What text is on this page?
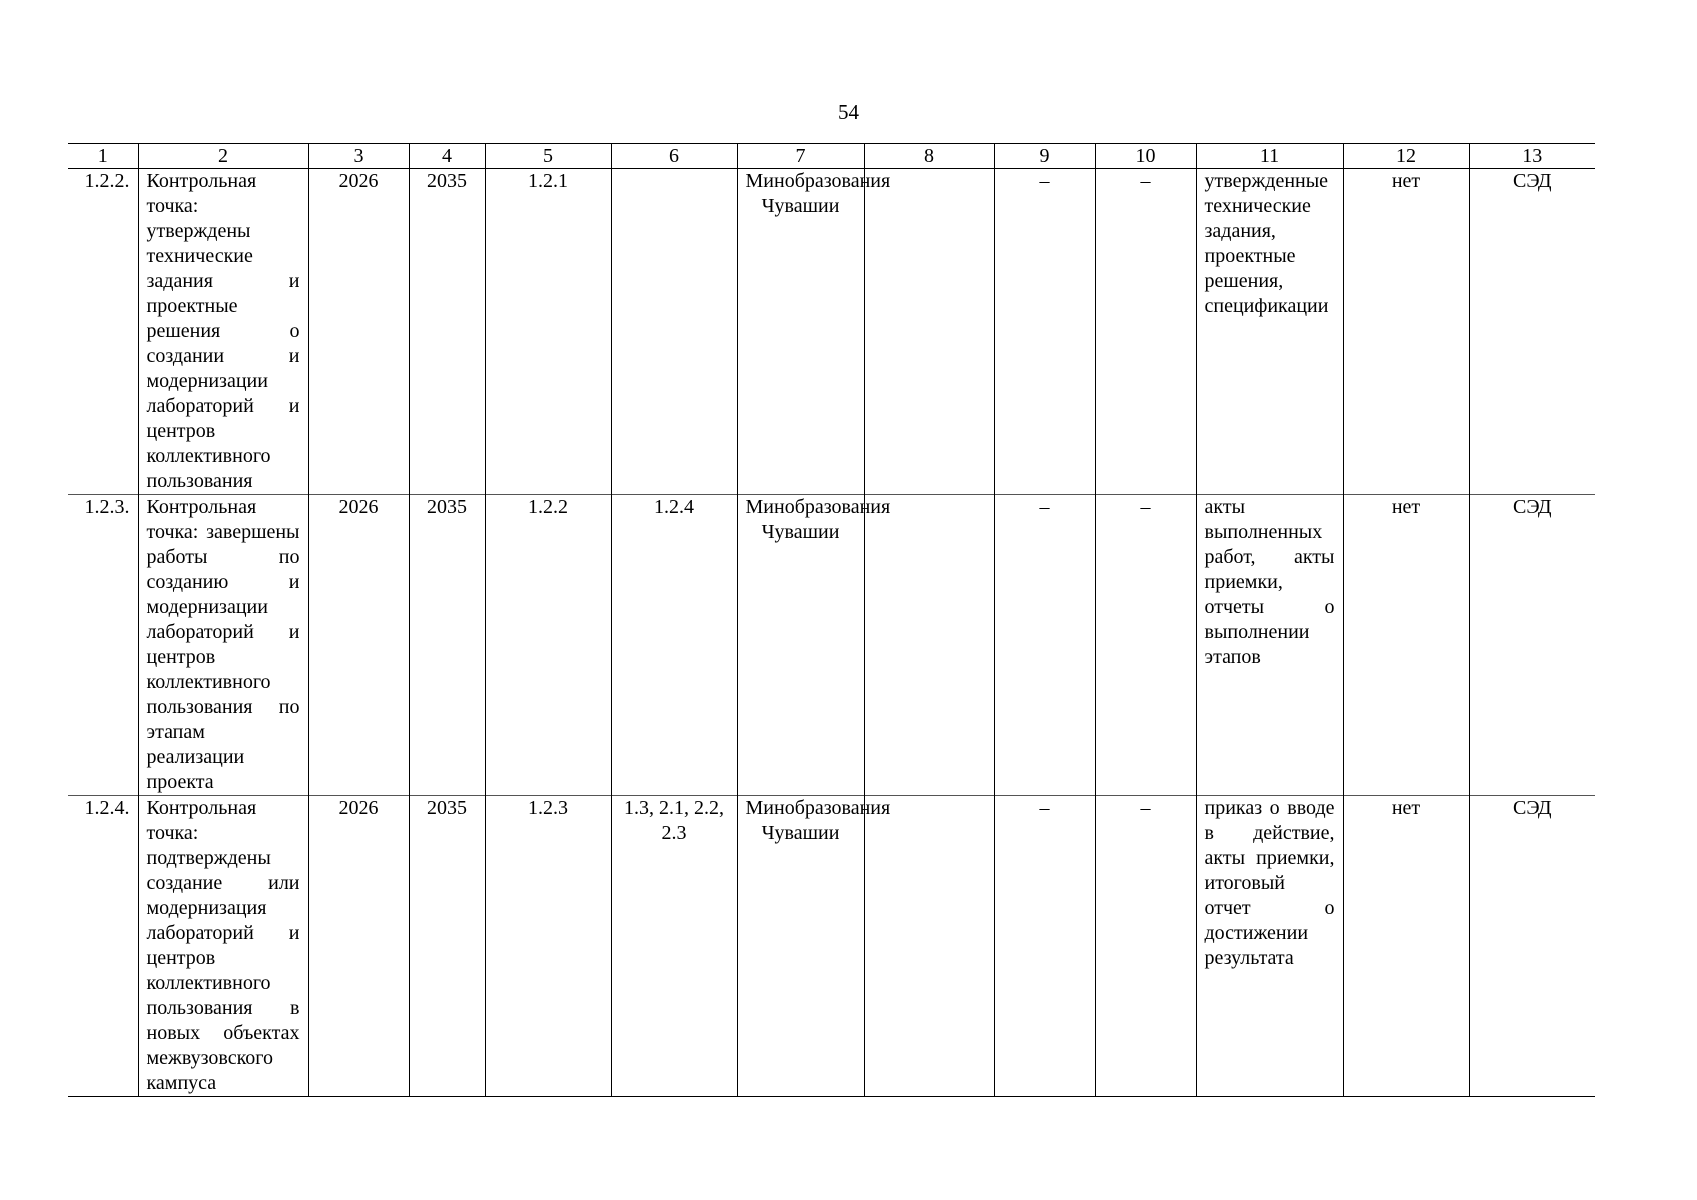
54
1	2	3	4	5	6	7	8	9	10	11	12	13
1.2.2.	Контрольная точка: утверждены технические задания и проектные решения о создании и модернизации лабораторий и центров коллективного пользования	2026	2035	1.2.1		Минобразования Чувашии		–	–	утвержденные технические задания, проектные решения, спецификации	нет	СЭД
1.2.3.	Контрольная точка: завершены работы по созданию и модернизации лабораторий и центров коллективного пользования по этапам реализации проекта	2026	2035	1.2.2	1.2.4	Минобразования Чувашии		–	–	акты выполненных работ, акты приемки, отчеты о выполнении этапов	нет	СЭД
1.2.4.	Контрольная точка: подтверждены создание или модернизация лабораторий и центров коллективного пользования в новых объектах межвузовского кампуса	2026	2035	1.2.3	1.3, 2.1, 2.2, 2.3	Минобразования Чувашии		–	–	приказ о вводе в действие, акты приемки, итоговый отчет о достижении результата	нет	СЭД
